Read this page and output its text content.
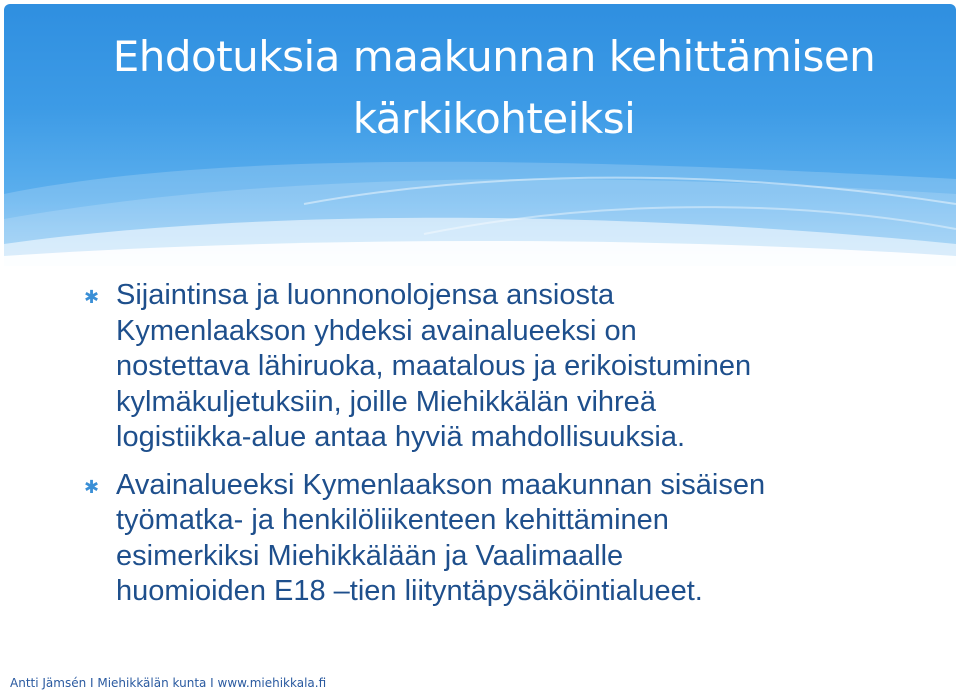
Ehdotuksia maakunnan kehittämisen
kärkikohteiksi
✱ Sijaintinsa ja luonnonolojensa ansiosta
Kymenlaakson yhdeksi avainalueeksi on
nostettava lähiruoka, maatalous ja erikoistuminen
kylmäkuljetuksiin, joille Miehikkälän vihreä
logistiikka-alue antaa hyviä mahdollisuuksia.
✱ Avainalueeksi Kymenlaakson maakunnan sisäisen
työmatka- ja henkilöliikenteen kehittäminen
esimerkiksi Miehikkälään ja Vaalimaalle
huomioiden E18 –tien liityntäpysäköintialueet.
Antti Jämsén I Miehikkälän kunta I www.miehikkala.fi
